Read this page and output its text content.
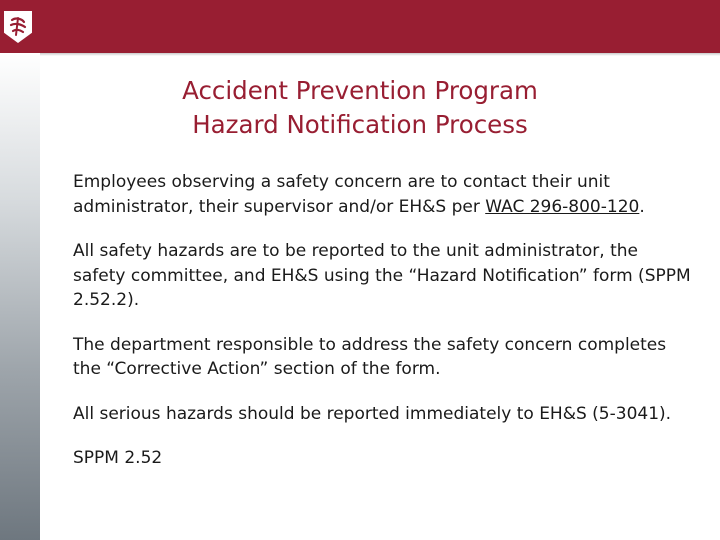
Accident Prevention Program
Hazard Notification Process

Employees observing a safety concern are to contact their unit administrator, their supervisor and/or EH&S per WAC 296-800-120.

All safety hazards are to be reported to the unit administrator, the safety committee, and EH&S using the “Hazard Notification” form (SPPM 2.52.2).

The department responsible to address the safety concern completes the “Corrective Action” section of the form.

All serious hazards should be reported immediately to EH&S (5-3041).

SPPM 2.52
